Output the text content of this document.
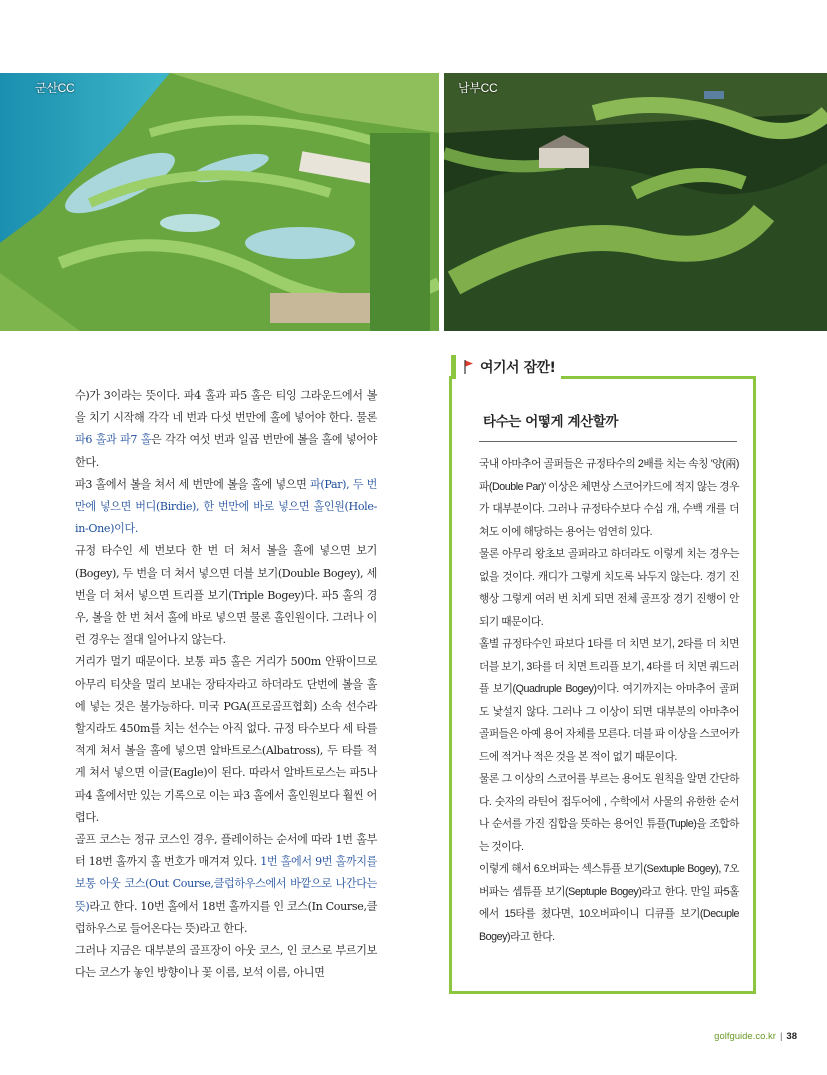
군산CC	남부CC

수)가 3이라는 뜻이다. 파4 홀과 파5 홀은 티잉 그라운드에서 볼을 치기 시작해 각각 네 번과 다섯 번만에 홀에 넣어야 한다. 물론 파6 홀과 파7 홀은 각각 여섯 번과 일곱 번만에 볼을 홀에 넣어야 한다.

파3 홀에서 볼을 쳐서 세 번만에 볼을 홀에 넣으면 파(Par), 두 번만에 넣으면 버디(Birdie), 한 번만에 바로 넣으면 홀인원(Hole-in-One)이다.

규정 타수인 세 번보다 한 번 더 쳐서 볼을 홀에 넣으면 보기(Bogey), 두 번을 더 쳐서 넣으면 더블 보기(Double Bogey), 세 번을 더 쳐서 넣으면 트리플 보기(Triple Bogey)다. 파5 홀의 경우, 볼을 한 번 쳐서 홀에 바로 넣으면 물론 홀인원이다. 그러나 이런 경우는 절대 일어나지 않는다.

거리가 멀기 때문이다. 보통 파5 홀은 거리가 500m 안팎이므로 아무리 티샷을 멀리 보내는 장타자라고 하더라도 단번에 볼을 홀에 넣는 것은 불가능하다. 미국 PGA(프로골프협회) 소속 선수라 할지라도 450m를 치는 선수는 아직 없다. 규정 타수보다 세 타를 적게 쳐서 볼을 홀에 넣으면 알바트로스(Albatross), 두 타를 적게 쳐서 넣으면 이글(Eagle)이 된다. 따라서 알바트로스는 파5나 파4 홀에서만 있는 기록으로 이는 파3 홀에서 홀인원보다 훨씬 어렵다.

골프 코스는 정규 코스인 경우, 플레이하는 순서에 따라 1번 홀부터 18번 홀까지 홀 번호가 매겨져 있다. 1번 홀에서 9번 홀까지를 보통 아웃 코스(Out Course,클럽하우스에서 바깥으로 나간다는 뜻)라고 한다. 10번 홀에서 18번 홀까지를 인 코스(In Course,클럽하우스로 들어온다는 뜻)라고 한다.

그러나 지금은 대부분의 골프장이 아웃 코스, 인 코스로 부르기보다는 코스가 놓인 방향이나 꽃 이름, 보석 이름, 아니면

여기서 잠깐!
타수는 어떻게 계산할까

국내 아마추어 골퍼들은 규정타수의 2배를 치는 속칭 '양(兩)파(Double Par)' 이상은 체면상 스코어카드에 적지 않는 경우가 대부분이다. 그러나 규정타수보다 수십 개, 수백 개를 더 쳐도 이에 해당하는 용어는 엄연히 있다.

물론 아무리 왕초보 골퍼라고 하더라도 이렇게 치는 경우는 없을 것이다. 캐디가 그렇게 치도록 놔두지 않는다. 경기 진행상 그렇게 여러 번 치게 되면 전체 골프장 경기 진행이 안되기 때문이다.

홀별 규정타수인 파보다 1타를 더 치면 보기, 2타를 더 치면 더블 보기, 3타를 더 치면 트리플 보기, 4타를 더 치면 쿼드러플 보기(Quadruple Bogey)이다. 여기까지는 아마추어 골퍼도 낯설지 않다. 그러나 그 이상이 되면 대부분의 아마추어 골퍼들은 아예 용어 자체를 모른다. 더블 파 이상을 스코어카드에 적거나 적은 것을 본 적이 없기 때문이다.

물론 그 이상의 스코어를 부르는 용어도 원칙을 알면 간단하다. 숫자의 라틴어 접두어에 , 수학에서 사물의 유한한 순서나 순서를 가진 집합을 뜻하는 용어인 튜플(Tuple)을 조합하는 것이다.

이렇게 해서 6오버파는 섹스튜플 보기(Sextuple Bogey), 7오버파는 셉튜플 보기(Septuple Bogey)라고 한다. 만일 파5홀에서 15타를 쳤다면, 10오버파이니 디큐플 보기(Decuple Bogey)라고 한다.

golfguide.co.kr | 38
